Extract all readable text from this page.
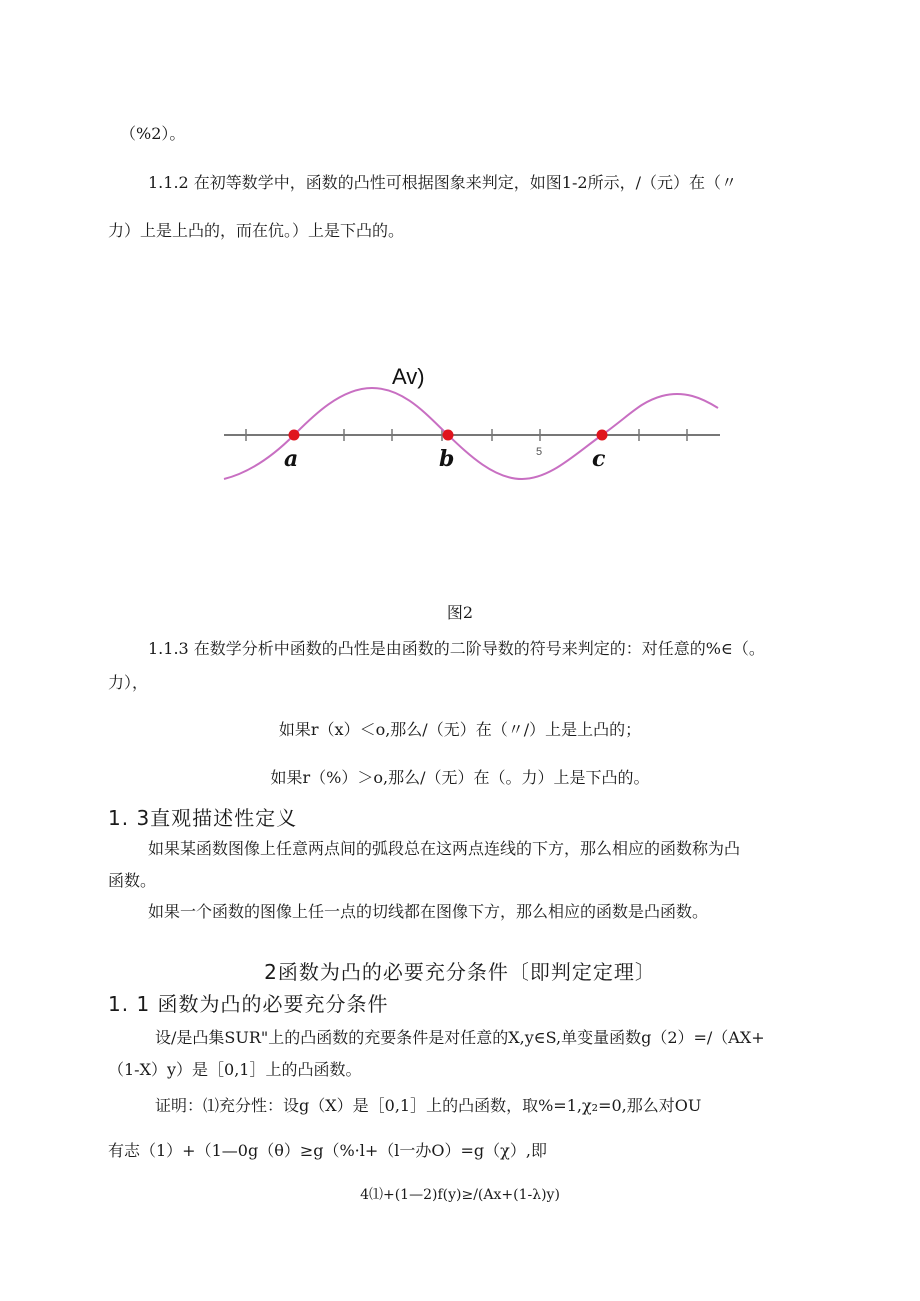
（%2）。
1.1.2 在初等数学中，函数的凸性可根据图象来判定，如图1-2所示，/（元）在（〃
力）上是上凸的，而在伉。）上是下凸的。
Av)
a	b	c
5
图2
1.1.3 在数学分析中函数的凸性是由函数的二阶导数的符号来判定的：对任意的%∈（。
力），
如果r（x）＜o,那么/（无）在（〃/）上是上凸的；
如果r（%）＞o,那么/（无）在（。力）上是下凸的。
1. 3直观描述性定义
如果某函数图像上任意两点间的弧段总在这两点连线的下方，那么相应的函数称为凸
函数。
如果一个函数的图像上任一点的切线都在图像下方，那么相应的函数是凸函数。
2函数为凸的必要充分条件〔即判定定理〕
1. 1 函数为凸的必要充分条件
设/是凸集SUR"上的凸函数的充要条件是对任意的X,y∈S,单变量函数g（2）=/（AX+
（1-X）y）是［0,1］上的凸函数。
证明：⑴充分性：设g（X）是［0,1］上的凸函数，取%=1,χ₂=0,那么对OU
有志（1）+（1—0g（θ）≥g（%·l+（l一办O）=g（χ）,即
4⑴+(1—2)f(y)≥/(Ax+(1-λ)y)
